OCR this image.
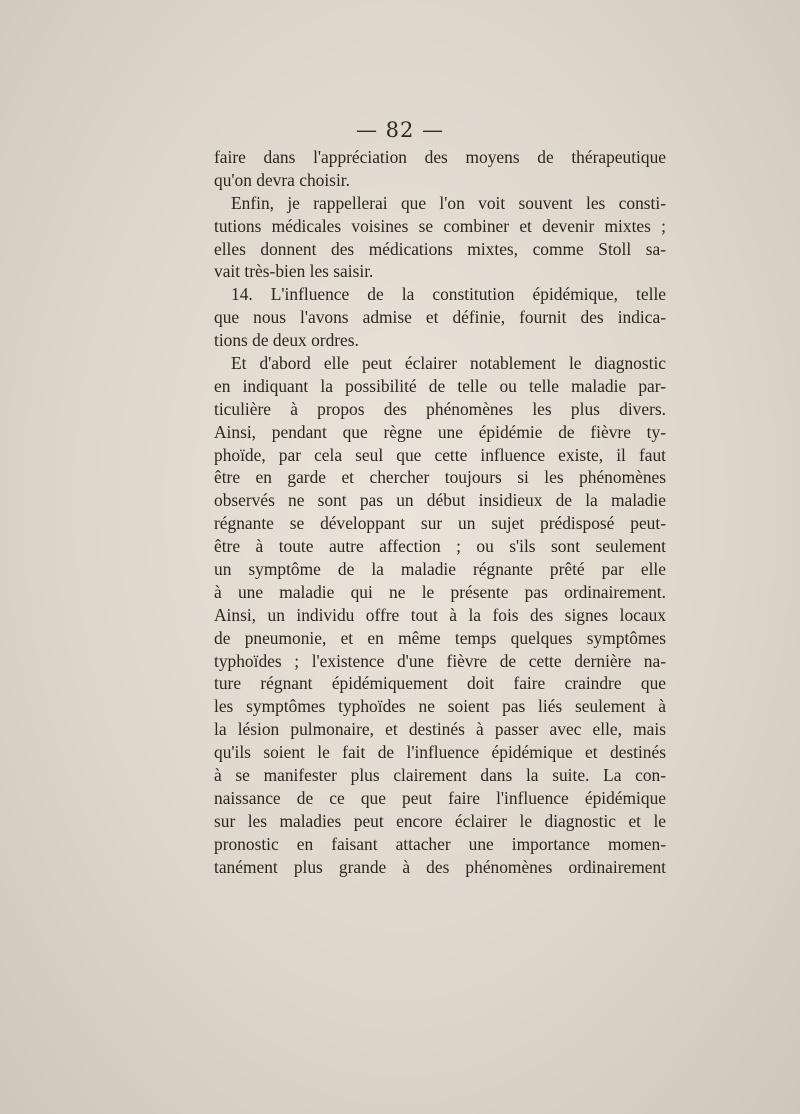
— 82 —
faire dans l'appréciation des moyens de thérapeutique
qu'on devra choisir.
Enfin, je rappellerai que l'on voit souvent les consti-
tutions médicales voisines se combiner et devenir mixtes ;
elles donnent des médications mixtes, comme Stoll sa-
vait très-bien les saisir.
14. L'influence de la constitution épidémique, telle
que nous l'avons admise et définie, fournit des indica-
tions de deux ordres.
Et d'abord elle peut éclairer notablement le diagnostic
en indiquant la possibilité de telle ou telle maladie par-
ticulière à propos des phénomènes les plus divers.
Ainsi, pendant que règne une épidémie de fièvre ty-
phoïde, par cela seul que cette influence existe, il faut
être en garde et chercher toujours si les phénomènes
observés ne sont pas un début insidieux de la maladie
régnante se développant sur un sujet prédisposé peut-
être à toute autre affection ; ou s'ils sont seulement
un symptôme de la maladie régnante prêté par elle
à une maladie qui ne le présente pas ordinairement.
Ainsi, un individu offre tout à la fois des signes locaux
de pneumonie, et en même temps quelques symptômes
typhoïdes ; l'existence d'une fièvre de cette dernière na-
ture régnant épidémiquement doit faire craindre que
les symptômes typhoïdes ne soient pas liés seulement à
la lésion pulmonaire, et destinés à passer avec elle, mais
qu'ils soient le fait de l'influence épidémique et destinés
à se manifester plus clairement dans la suite. La con-
naissance de ce que peut faire l'influence épidémique
sur les maladies peut encore éclairer le diagnostic et le
pronostic en faisant attacher une importance momen-
tanément plus grande à des phénomènes ordinairement
